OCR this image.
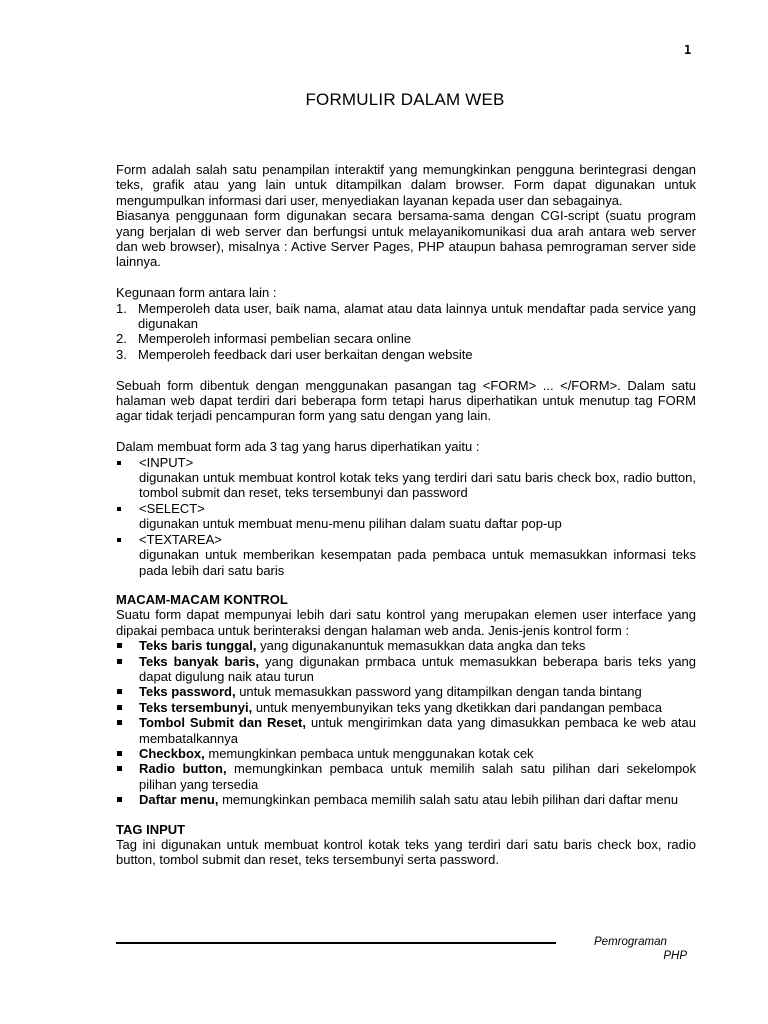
1
FORMULIR DALAM WEB

Form adalah salah satu penampilan interaktif yang memungkinkan pengguna berintegrasi dengan teks, grafik atau yang lain untuk ditampilkan dalam browser. Form dapat digunakan untuk mengumpulkan informasi dari user, menyediakan layanan kepada user dan sebagainya.

Biasanya penggunaan form digunakan secara bersama-sama dengan CGI-script (suatu program yang berjalan di web server dan berfungsi untuk melayanikomunikasi dua arah antara web server dan web browser), misalnya : Active Server Pages, PHP ataupun bahasa pemrograman server side lainnya.

Kegunaan form antara lain :

1. Memperoleh data user, baik nama, alamat atau data lainnya untuk mendaftar pada service yang digunakan
2. Memperoleh informasi pembelian secara online
3. Memperoleh feedback dari user berkaitan dengan website

Sebuah form dibentuk dengan menggunakan pasangan tag <FORM> ... </FORM>. Dalam satu halaman web dapat terdiri dari beberapa form tetapi harus diperhatikan untuk menutup tag FORM agar tidak terjadi pencampuran form yang satu dengan yang lain.

Dalam membuat form ada 3 tag yang harus diperhatikan yaitu :

<INPUT>
digunakan untuk membuat kontrol kotak teks yang terdiri dari satu baris check box, radio button, tombol submit dan reset, teks tersembunyi dan password
<SELECT>
digunakan untuk membuat menu-menu pilihan dalam suatu daftar pop-up
<TEXTAREA>
digunakan untuk memberikan kesempatan pada pembaca untuk memasukkan informasi teks pada lebih dari satu baris
MACAM-MACAM KONTROL

Suatu form dapat mempunyai lebih dari satu kontrol yang merupakan elemen user interface yang dipakai pembaca untuk berinteraksi dengan halaman web anda. Jenis-jenis kontrol form :

Teks baris tunggal, yang digunakanuntuk memasukkan data angka dan teks
Teks banyak baris, yang digunakan prmbaca untuk memasukkan beberapa baris teks yang dapat digulung naik atau turun
Teks password, untuk memasukkan password yang ditampilkan dengan tanda bintang
Teks tersembunyi, untuk menyembunyikan teks yang dketikkan dari pandangan pembaca
Tombol Submit dan Reset, untuk mengirimkan data yang dimasukkan pembaca ke web atau membatalkannya
Checkbox, memungkinkan pembaca untuk menggunakan kotak cek
Radio button, memungkinkan pembaca untuk memilih salah satu pilihan dari sekelompok pilihan yang tersedia
Daftar menu, memungkinkan pembaca memilih salah satu atau lebih pilihan dari daftar menu
TAG INPUT

Tag ini digunakan untuk membuat kontrol kotak teks yang terdiri dari satu baris check box, radio button, tombol submit dan reset, teks tersembunyi serta password.

Pemrograman
PHP
